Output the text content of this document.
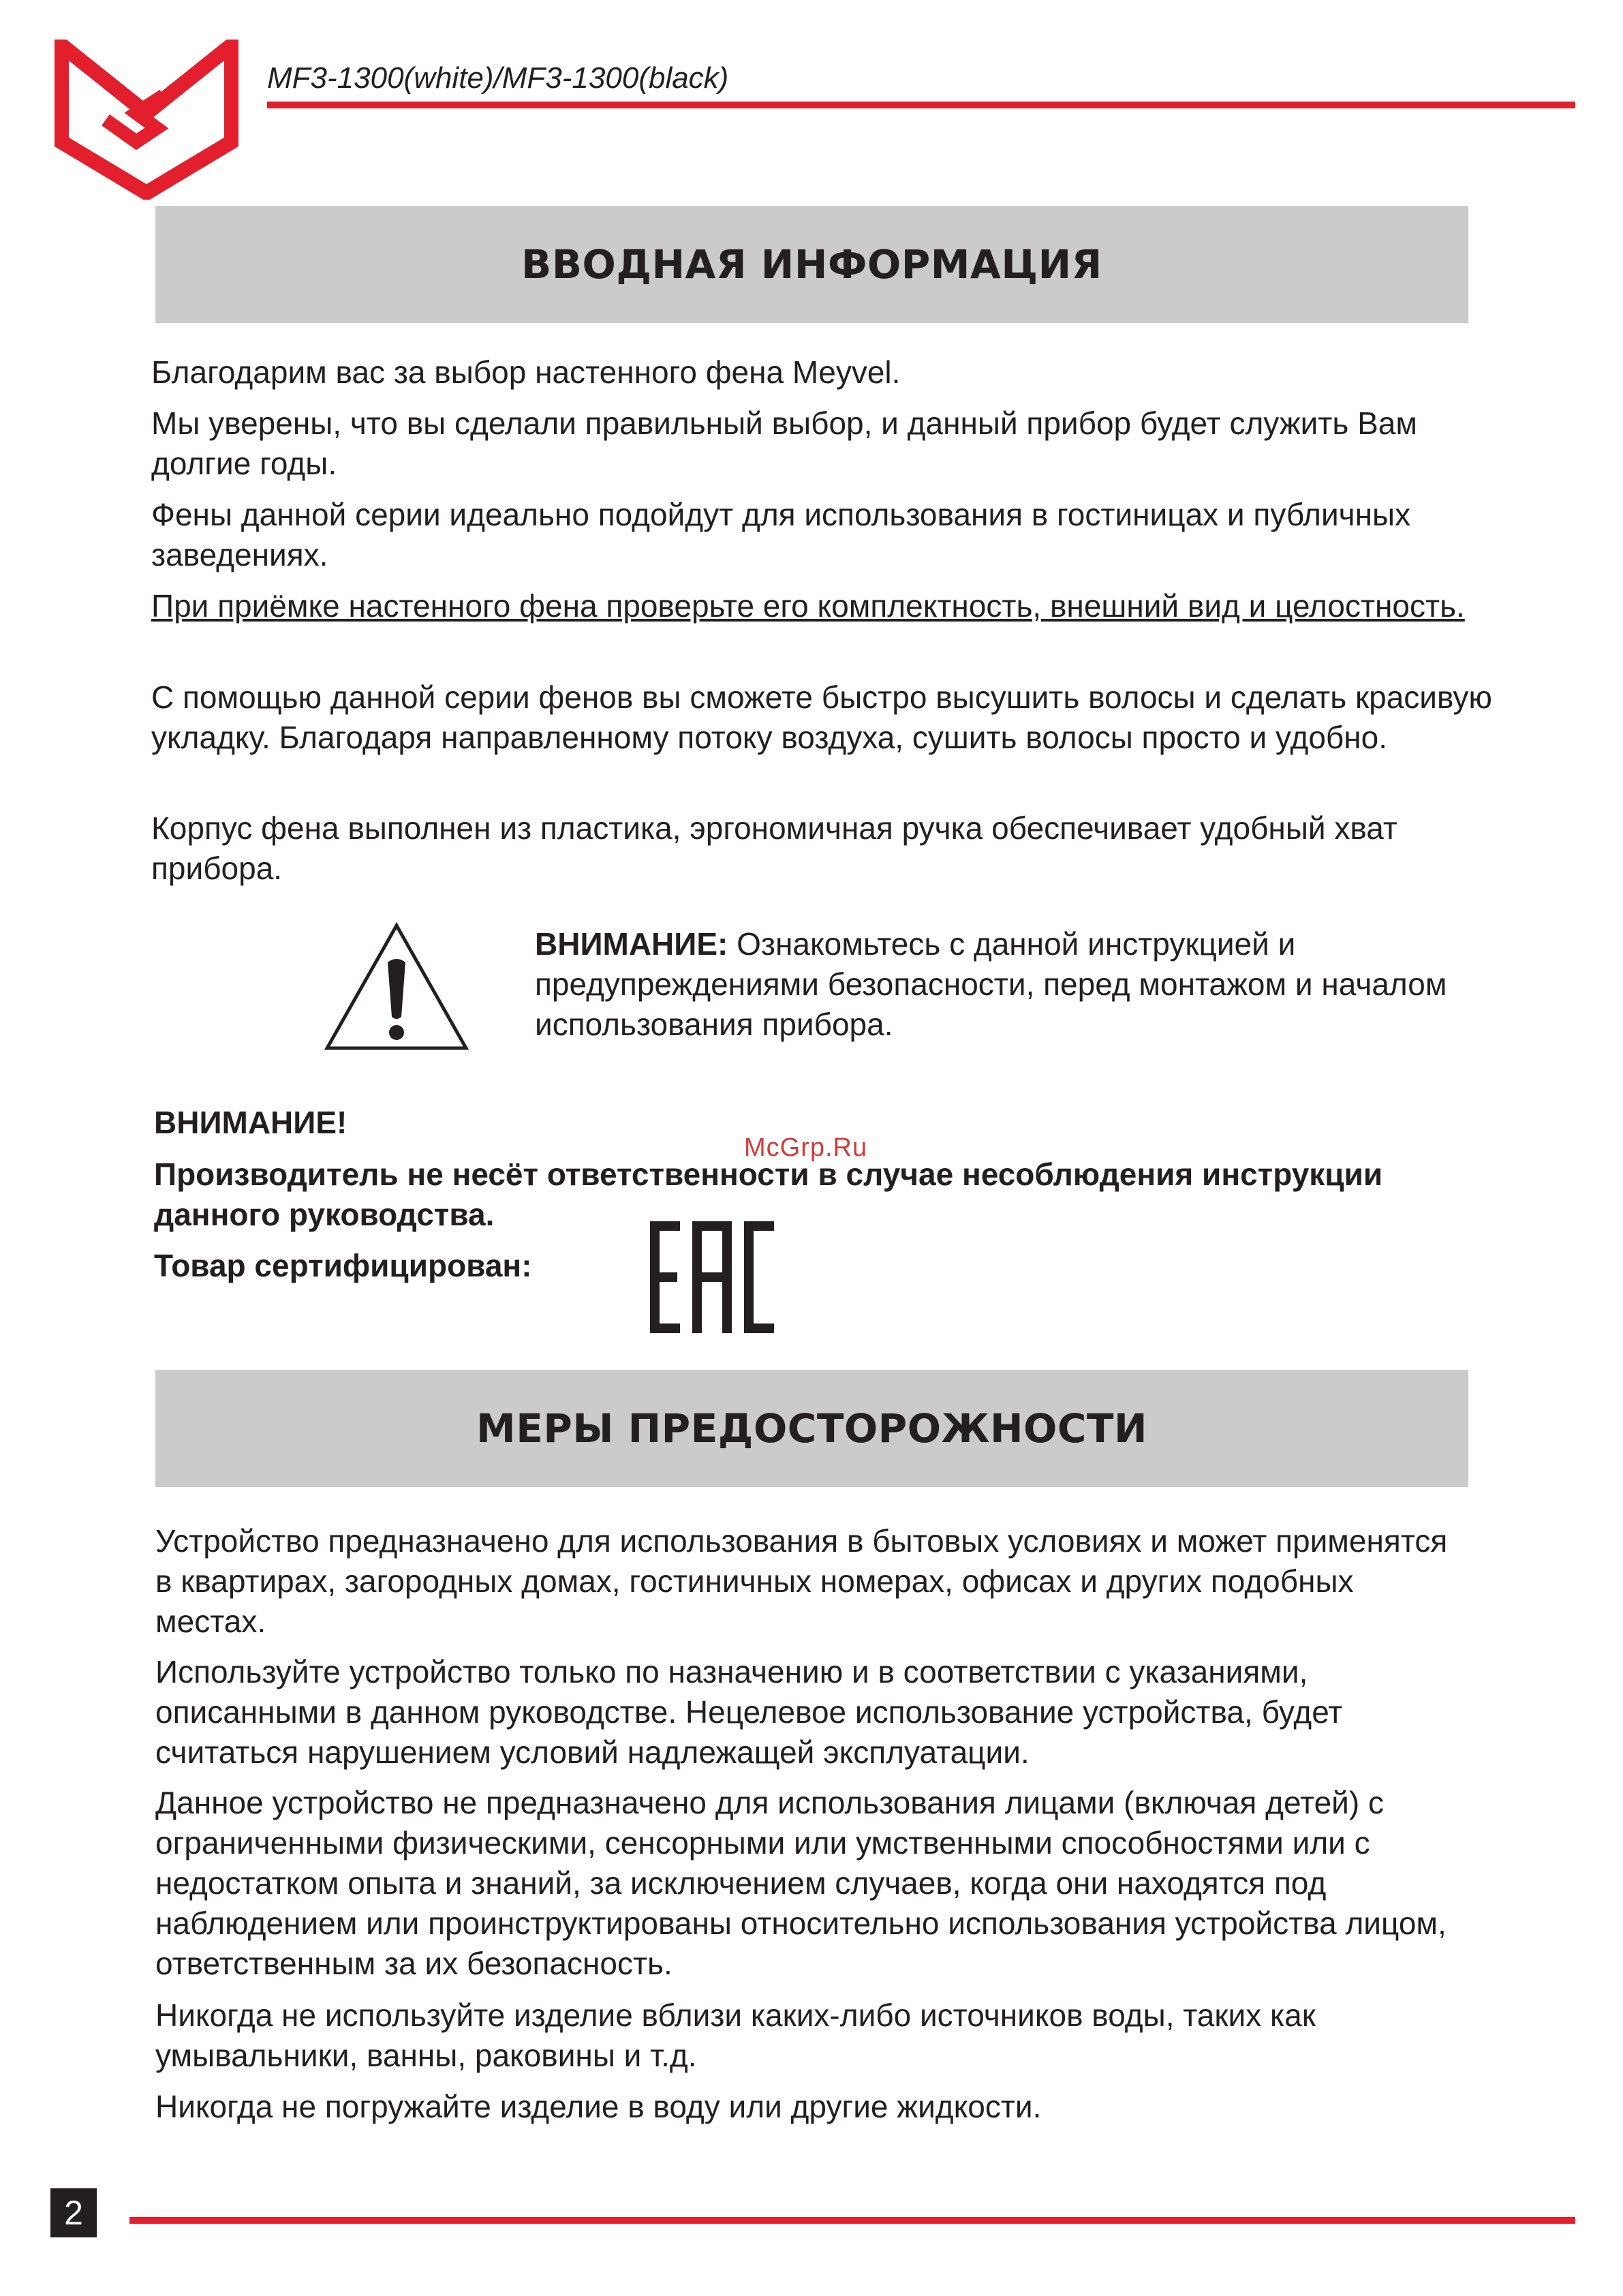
MF3-1300(white)/MF3-1300(black)
ВВОДНАЯ ИНФОРМАЦИЯ

Благодарим вас за выбор настенного фена Meyvel.

Мы уверены, что вы сделали правильный выбор, и данный прибор будет служить Вам долгие годы.

Фены данной серии идеально подойдут для использования в гостиницах и публичных заведениях.

При приёмке настенного фена проверьте его комплектность, внешний вид и целостность.

С помощью данной серии фенов вы сможете быстро высушить волосы и сделать красивую укладку. Благодаря направленному потоку воздуха, сушить волосы просто и удобно.

Корпус фена выполнен из пластика, эргономичная ручка обеспечивает удобный хват прибора.

ВНИМАНИЕ: Ознакомьтесь с данной инструкцией и предупреждениями безопасности, перед монтажом и началом использования прибора.
ВНИМАНИЕ!
McGrp.Ru
Производитель не несёт ответственности в случае несоблюдения инструкции данного руководства.
Товар сертифицирован:
МЕРЫ ПРЕДОСТОРОЖНОСТИ

Устройство предназначено для использования в бытовых условиях и может применятся в квартирах, загородных домах, гостиничных номерах, офисах и других подобных местах.

Используйте устройство только по назначению и в соответствии с указаниями, описанными в данном руководстве. Нецелевое использование устройства, будет считаться нарушением условий надлежащей эксплуатации.

Данное устройство не предназначено для использования лицами (включая детей) с ограниченными физическими, сенсорными или умственными способностями или с недостатком опыта и знаний, за исключением случаев, когда они находятся под наблюдением или проинструктированы относительно использования устройства лицом, ответственным за их безопасность.

Никогда не используйте изделие вблизи каких-либо источников воды, таких как умывальники, ванны, раковины и т.д.

Никогда не погружайте изделие в воду или другие жидкости.

2
